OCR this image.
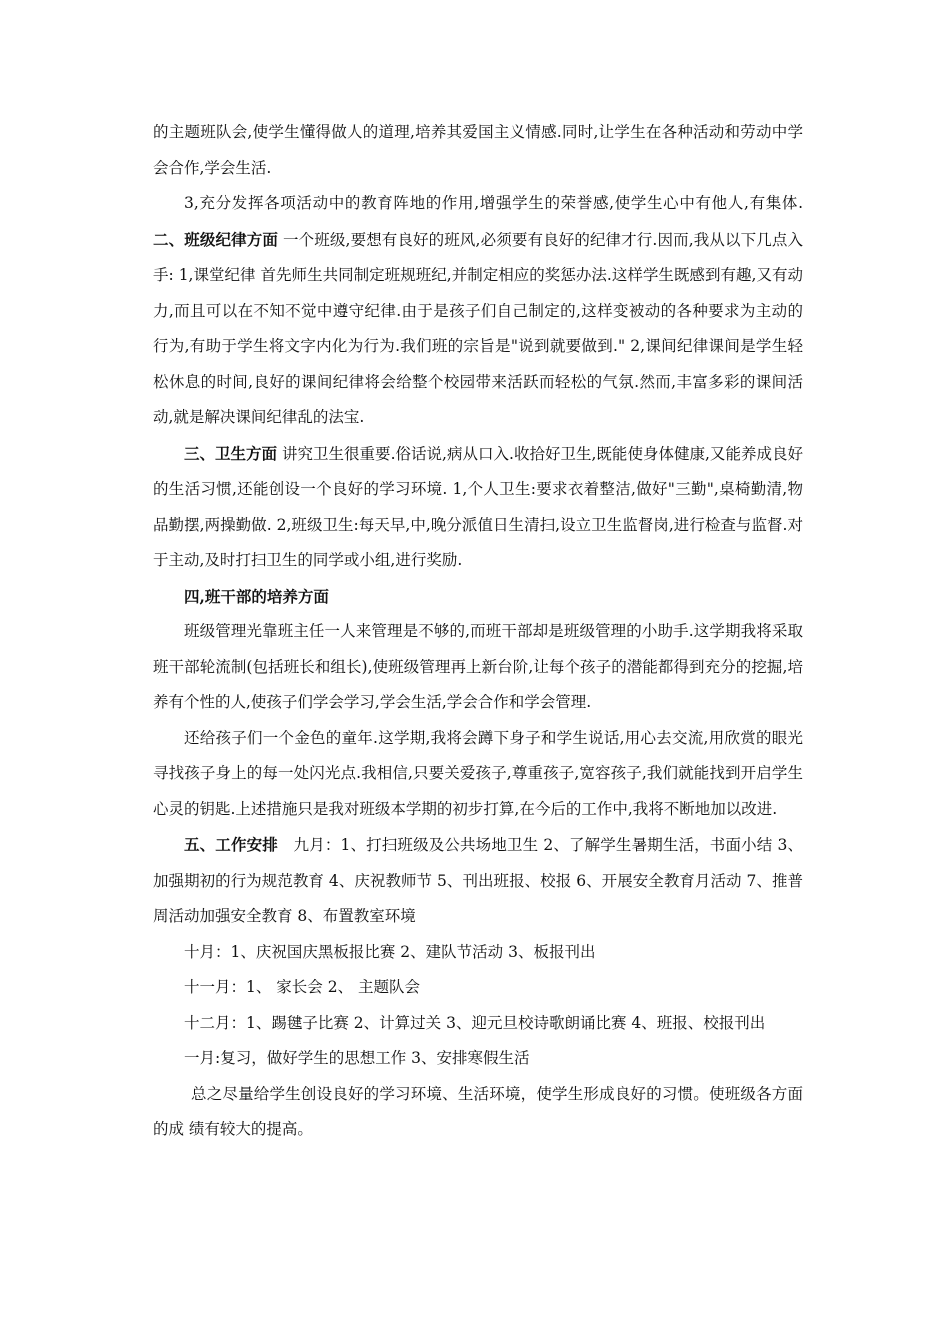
的主题班队会,使学生懂得做人的道理,培养其爱国主义情感.同时,让学生在各种活动和劳动中学会合作,学会生活.

3,充分发挥各项活动中的教育阵地的作用,增强学生的荣誉感,使学生心中有他人,有集体.二、班级纪律方面 一个班级,要想有良好的班风,必须要有良好的纪律才行.因而,我从以下几点入手: 1,课堂纪律 首先师生共同制定班规班纪,并制定相应的奖惩办法.这样学生既感到有趣,又有动力,而且可以在不知不觉中遵守纪律.由于是孩子们自己制定的,这样变被动的各种要求为主动的行为,有助于学生将文字内化为行为.我们班的宗旨是"说到就要做到." 2,课间纪律课间是学生轻松休息的时间,良好的课间纪律将会给整个校园带来活跃而轻松的气氛.然而,丰富多彩的课间活动,就是解决课间纪律乱的法宝.

三、卫生方面 讲究卫生很重要.俗话说,病从口入.收拾好卫生,既能使身体健康,又能养成良好的生活习惯,还能创设一个良好的学习环境. 1,个人卫生:要求衣着整洁,做好"三勤",桌椅勤清,物品勤摆,两操勤做. 2,班级卫生:每天早,中,晚分派值日生清扫,设立卫生监督岗,进行检查与监督.对于主动,及时打扫卫生的同学或小组,进行奖励.

四,班干部的培养方面

班级管理光靠班主任一人来管理是不够的,而班干部却是班级管理的小助手.这学期我将采取班干部轮流制(包括班长和组长),使班级管理再上新台阶,让每个孩子的潜能都得到充分的挖掘,培养有个性的人,使孩子们学会学习,学会生活,学会合作和学会管理.

还给孩子们一个金色的童年.这学期,我将会蹲下身子和学生说话,用心去交流,用欣赏的眼光寻找孩子身上的每一处闪光点.我相信,只要关爱孩子,尊重孩子,宽容孩子,我们就能找到开启学生心灵的钥匙.上述措施只是我对班级本学期的初步打算,在今后的工作中,我将不断地加以改进.

五、工作安排　 九月：1、打扫班级及公共场地卫生 2、了解学生暑期生活，书面小结 3、加强期初的行为规范教育 4、庆祝教师节 5、刊出班报、校报 6、开展安全教育月活动 7、推普周活动加强安全教育 8、布置教室环境

十月：1、庆祝国庆黑板报比赛 2、建队节活动 3、板报刊出

十一月：1、 家长会 2、 主题队会

十二月：1、踢毽子比赛 2、计算过关 3、迎元旦校诗歌朗诵比赛 4、班报、校报刊出

一月:复习，做好学生的思想工作 3、安排寒假生活

总之尽量给学生创设良好的学习环境、生活环境，使学生形成良好的习惯。使班级各方面的成 绩有较大的提高。
